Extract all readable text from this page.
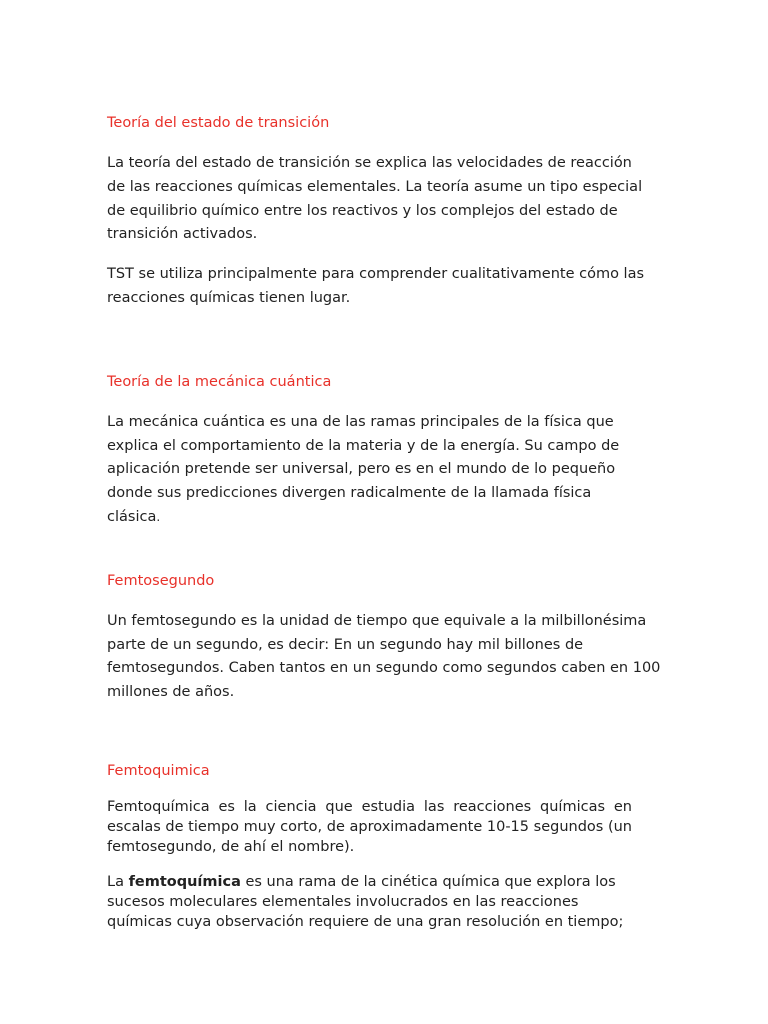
Teoría del estado de transición

La teoría del estado de transición se explica las velocidades de reacción de las reacciones químicas elementales. La teoría asume un tipo especial de equilibrio químico entre los reactivos y los complejos del estado de transición activados.

TST se utiliza principalmente para comprender cualitativamente cómo las reacciones químicas tienen lugar.

Teoría de la mecánica cuántica

La mecánica cuántica es una de las ramas principales de la física que explica el comportamiento de la materia y de la energía. Su campo de aplicación pretende ser universal, pero es en el mundo de lo pequeño donde sus predicciones divergen radicalmente de la llamada física clásica.

Femtosegundo

Un femtosegundo es la unidad de tiempo que equivale a la milbillonésima parte de un segundo, es decir: En un segundo hay mil billones de femtosegundos. Caben tantos en un segundo como segundos caben en 100 millones de años.

Femtoquimica

Femtoquímica es la ciencia que estudia las reacciones químicas en escalas de tiempo muy corto, de aproximadamente 10-15 segundos (un femtosegundo, de ahí el nombre).

La femtoquímica es una rama de la cinética química que explora los sucesos moleculares elementales involucrados en las reacciones químicas cuya observación requiere de una gran resolución en tiempo;
